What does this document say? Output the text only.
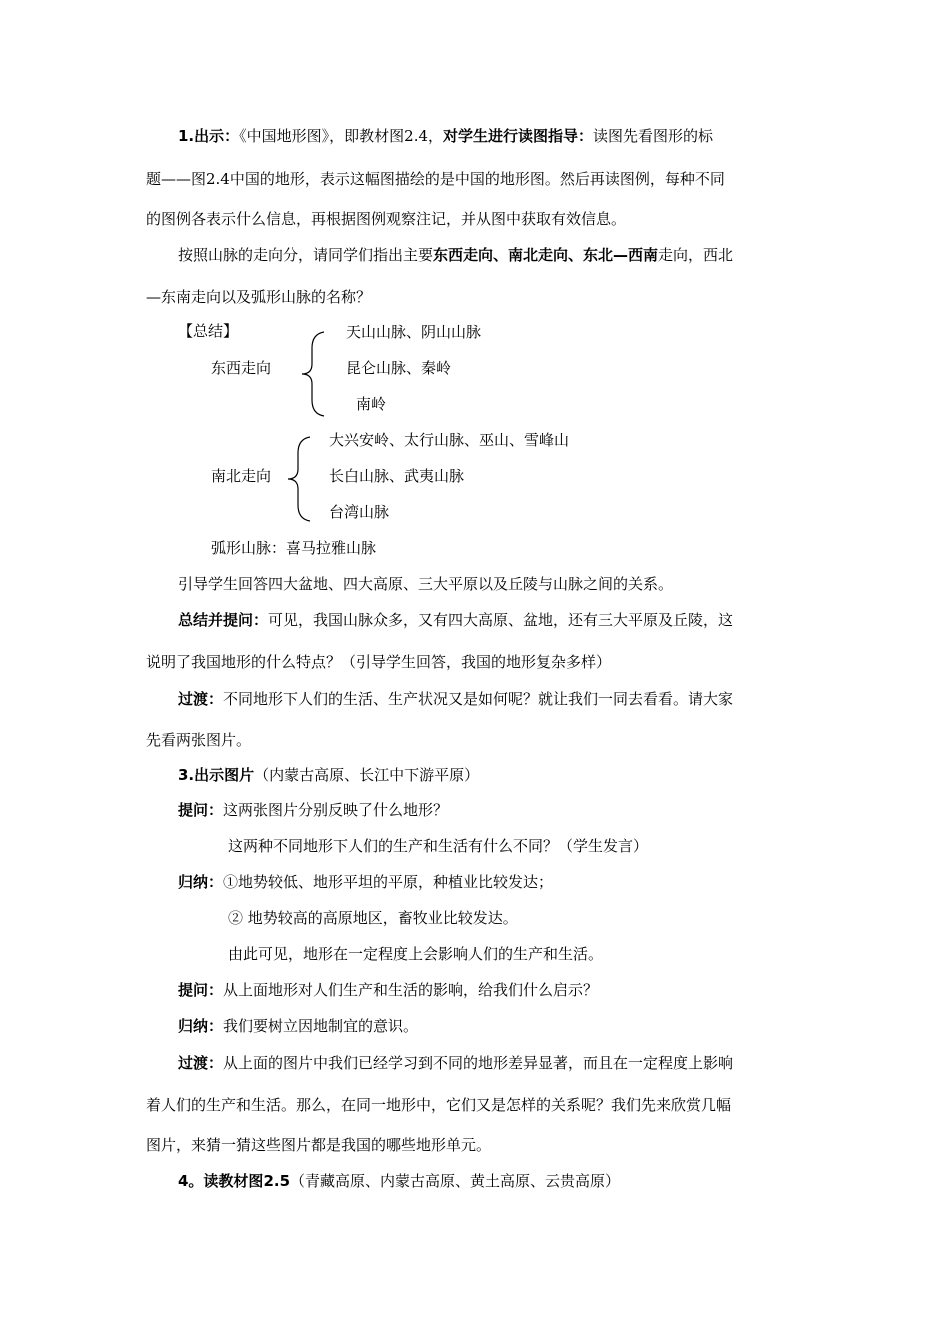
1.出示：《中国地形图》，即教材图2.4，对学生进行读图指导：读图先看图形的标
题——图2.4中国的地形，表示这幅图描绘的是中国的地形图。然后再读图例，每种不同
的图例各表示什么信息，再根据图例观察注记，并从图中获取有效信息。
按照山脉的走向分，请同学们指出主要东西走向、南北走向、东北—西南走向，西北
—东南走向以及弧形山脉的名称？
【总结】
东西走向
天山山脉、阴山山脉
昆仑山脉、秦岭
南岭
南北走向
大兴安岭、太行山脉、巫山、雪峰山
长白山脉、武夷山脉
台湾山脉
弧形山脉：喜马拉雅山脉
引导学生回答四大盆地、四大高原、三大平原以及丘陵与山脉之间的关系。
总结并提问：可见，我国山脉众多，又有四大高原、盆地，还有三大平原及丘陵，这
说明了我国地形的什么特点？（引导学生回答，我国的地形复杂多样）
过渡：不同地形下人们的生活、生产状况又是如何呢？就让我们一同去看看。请大家
先看两张图片。
3.出示图片（内蒙古高原、长江中下游平原）
提问：这两张图片分别反映了什么地形？
这两种不同地形下人们的生产和生活有什么不同？（学生发言）
归纳：①地势较低、地形平坦的平原，种植业比较发达；
② 地势较高的高原地区，畜牧业比较发达。
由此可见，地形在一定程度上会影响人们的生产和生活。
提问：从上面地形对人们生产和生活的影响，给我们什么启示？
归纳：我们要树立因地制宜的意识。
过渡：从上面的图片中我们已经学习到不同的地形差异显著，而且在一定程度上影响
着人们的生产和生活。那么，在同一地形中，它们又是怎样的关系呢？我们先来欣赏几幅
图片，来猜一猜这些图片都是我国的哪些地形单元。
4。读教材图2.5（青藏高原、内蒙古高原、黄土高原、云贵高原）
